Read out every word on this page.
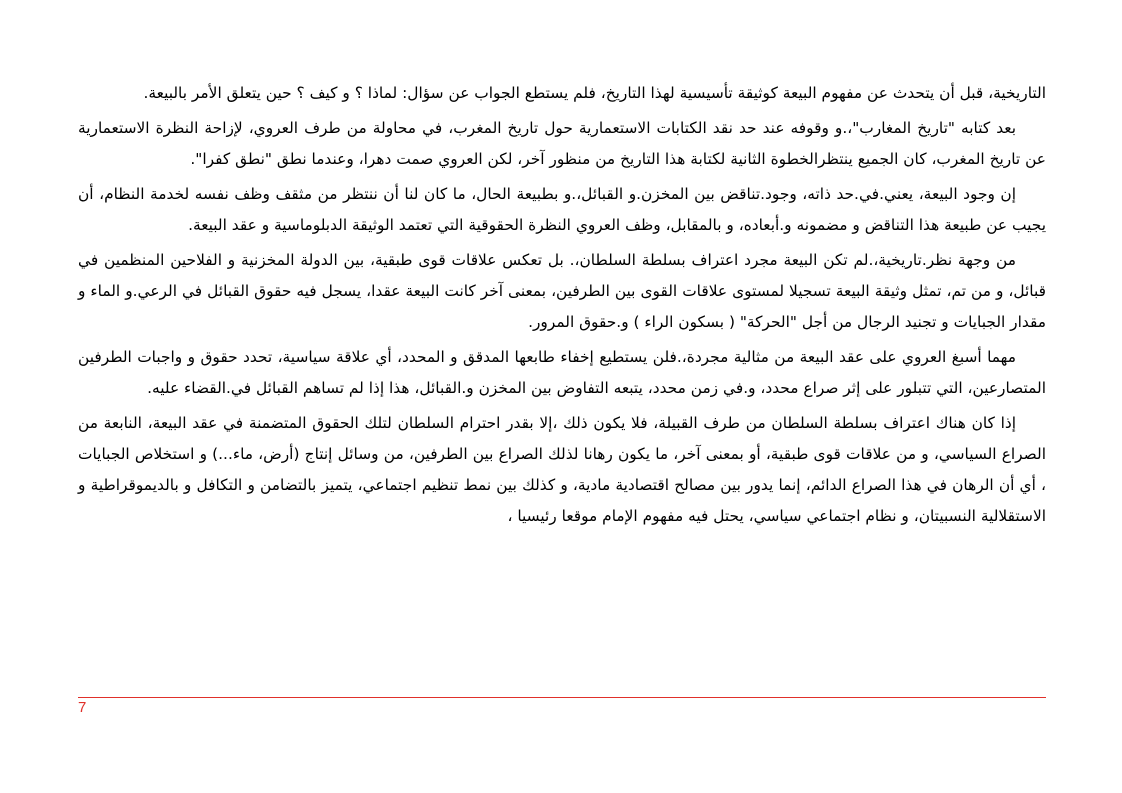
التاريخية، قبل أن يتحدث عن مفهوم البيعة كوثيقة تأسيسية لهذا التاريخ، فلم يستطع الجواب عن سؤال: لماذا ؟ و كيف ؟ حين يتعلق الأمر بالبيعة.

بعد كتابه "تاريخ المغارب"،.و وقوفه عند حد نقد الكتابات الاستعمارية حول تاريخ المغرب، في محاولة من طرف العروي، لإزاحة النظرة الاستعمارية عن تاريخ المغرب، كان الجميع ينتظرالخطوة الثانية لكتابة هذا التاريخ من منظور آخر، لكن العروي صمت دهرا، وعندما نطق "نطق كفرا".

إن وجود البيعة، يعني.في.حد ذاته، وجود.تناقض بين المخزن.و القبائل،.و بطبيعة الحال، ما كان لنا أن ننتظر من مثقف وظف نفسه لخدمة النظام، أن يجيب عن طبيعة هذا التناقض و مضمونه و.أبعاده، و بالمقابل، وظف العروي النظرة الحقوقية التي تعتمد الوثيقة الدبلوماسية و عقد البيعة.

من وجهة نظر.تاريخية،.لم تكن البيعة مجرد اعتراف بسلطة السلطان،. بل تعكس علاقات قوى طبقية، بين الدولة المخزنية و الفلاحين المنظمين في قبائل، و من تم، تمثل وثيقة البيعة تسجيلا لمستوى علاقات القوى بين الطرفين، بمعنى آخر كانت البيعة عقدا، يسجل فيه حقوق القبائل في الرعي.و الماء و مقدار الجبايات و تجنيد الرجال من أجل "الحركة" ( بسكون الراء ) و.حقوق المرور.

مهما أسبغ العروي على عقد البيعة من مثالية مجردة،.فلن يستطيع إخفاء طابعها المدقق و المحدد، أي علاقة سياسية، تحدد حقوق و واجبات الطرفين المتصارعين، التي تتبلور على إثر صراع محدد، و.في زمن محدد، يتبعه التفاوض بين المخزن و.القبائل، هذا إذا لم تساهم القبائل في.القضاء عليه.

إذا كان هناك اعتراف بسلطة السلطان من طرف القبيلة، فلا يكون ذلك ،إلا بقدر احترام السلطان لتلك الحقوق المتضمنة في عقد البيعة، النابعة من الصراع السياسي، و من علاقات قوى طبقية، أو بمعنى آخر، ما يكون رهانا لذلك الصراع بين الطرفين، من وسائل إنتاج (أرض، ماء...) و استخلاص الجبايات ، أي أن الرهان في هذا الصراع الدائم، إنما يدور بين مصالح اقتصادية مادية، و كذلك بين نمط تنظيم اجتماعي، يتميز بالتضامن و التكافل و بالديموقراطية و الاستقلالية النسبيتان، و نظام اجتماعي سياسي، يحتل فيه مفهوم الإمام موقعا رئيسيا ،

7
